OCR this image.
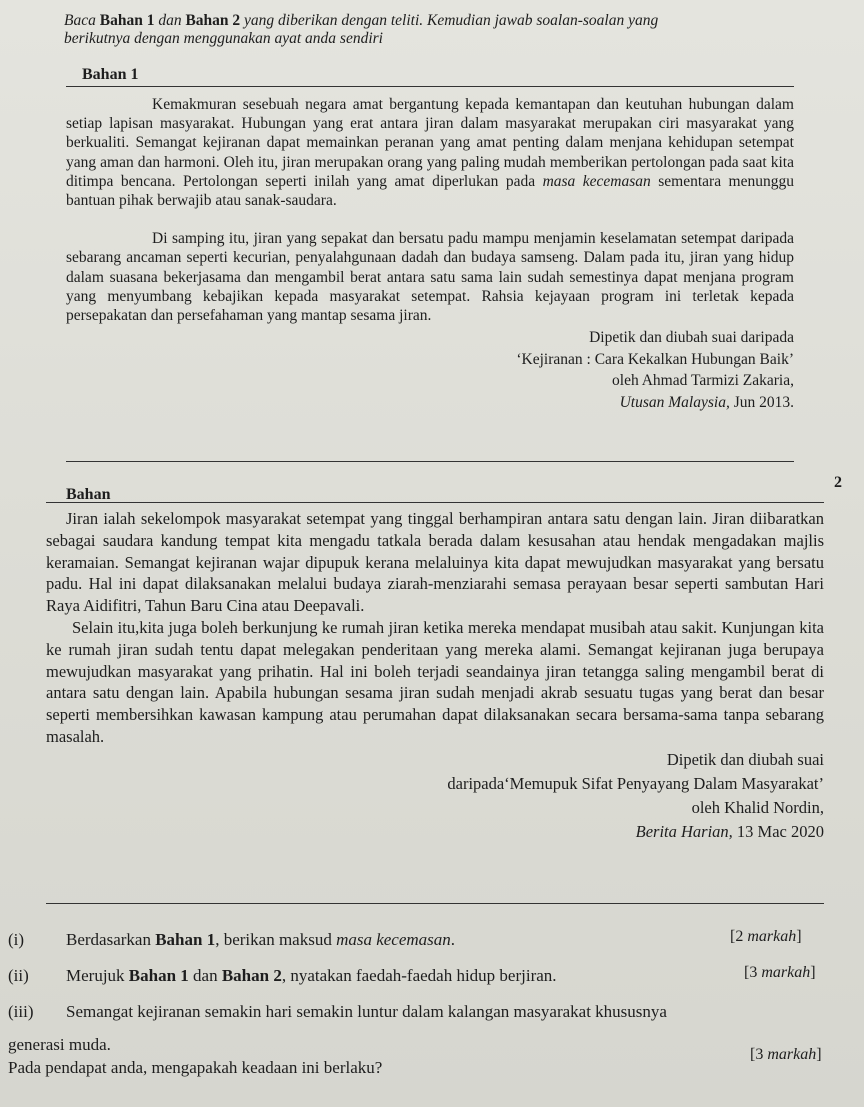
Baca Bahan 1 dan Bahan 2 yang diberikan dengan teliti. Kemudian jawab soalan-soalan yang
berikutnya dengan menggunakan ayat anda sendiri
Bahan 1

Kemakmuran sesebuah negara amat bergantung kepada kemantapan dan keutuhan hubungan dalam setiap lapisan masyarakat. Hubungan yang erat antara jiran dalam masyarakat merupakan ciri masyarakat yang berkualiti. Semangat kejiranan dapat memainkan peranan yang amat penting dalam menjana kehidupan setempat yang aman dan harmoni. Oleh itu, jiran merupakan orang yang paling mudah memberikan pertolongan pada saat kita ditimpa bencana. Pertolongan seperti inilah yang amat diperlukan pada masa kecemasan sementara menunggu bantuan pihak berwajib atau sanak-saudara.

Di samping itu, jiran yang sepakat dan bersatu padu mampu menjamin keselamatan setempat daripada sebarang ancaman seperti kecurian, penyalahgunaan dadah dan budaya samseng. Dalam pada itu, jiran yang hidup dalam suasana bekerjasama dan mengambil berat antara satu sama lain sudah semestinya dapat menjana program yang menyumbang kebajikan kepada masyarakat setempat. Rahsia kejayaan program ini terletak kepada persepakatan dan persefahaman yang mantap sesama jiran.

Dipetik dan diubah suai daripada
‘Kejiranan : Cara Kekalkan Hubungan Baik’
oleh Ahmad Tarmizi Zakaria,
Utusan Malaysia, Jun 2013.
Bahan
2

Jiran ialah sekelompok masyarakat setempat yang tinggal berhampiran antara satu dengan lain. Jiran diibaratkan sebagai saudara kandung tempat kita mengadu tatkala berada dalam kesusahan atau hendak mengadakan majlis keramaian. Semangat kejiranan wajar dipupuk kerana melaluinya kita dapat mewujudkan masyarakat yang bersatu padu. Hal ini dapat dilaksanakan melalui budaya ziarah-menziarahi semasa perayaan besar seperti sambutan Hari Raya Aidifitri, Tahun Baru Cina atau Deepavali.

Selain itu,kita juga boleh berkunjung ke rumah jiran ketika mereka mendapat musibah atau sakit. Kunjungan kita ke rumah jiran sudah tentu dapat melegakan penderitaan yang mereka alami. Semangat kejiranan juga berupaya mewujudkan masyarakat yang prihatin. Hal ini boleh terjadi seandainya jiran tetangga saling mengambil berat di antara satu dengan lain. Apabila hubungan sesama jiran sudah menjadi akrab sesuatu tugas yang berat dan besar seperti membersihkan kawasan kampung atau perumahan dapat dilaksanakan secara bersama-sama tanpa sebarang masalah.

Dipetik dan diubah suai
daripada‘Memupuk Sifat Penyayang Dalam Masyarakat’
oleh Khalid Nordin,
Berita Harian, 13 Mac 2020
(i) Berdasarkan Bahan 1, berikan maksud masa kecemasan.	[2 markah]
(ii) Merujuk Bahan 1 dan Bahan 2, nyatakan faedah-faedah hidup berjiran.	[3 markah]
(iii) Semangat kejiranan semakin hari semakin luntur dalam kalangan masyarakat khususnya
generasi muda.
Pada pendapat anda, mengapakah keadaan ini berlaku?
[3 markah]
